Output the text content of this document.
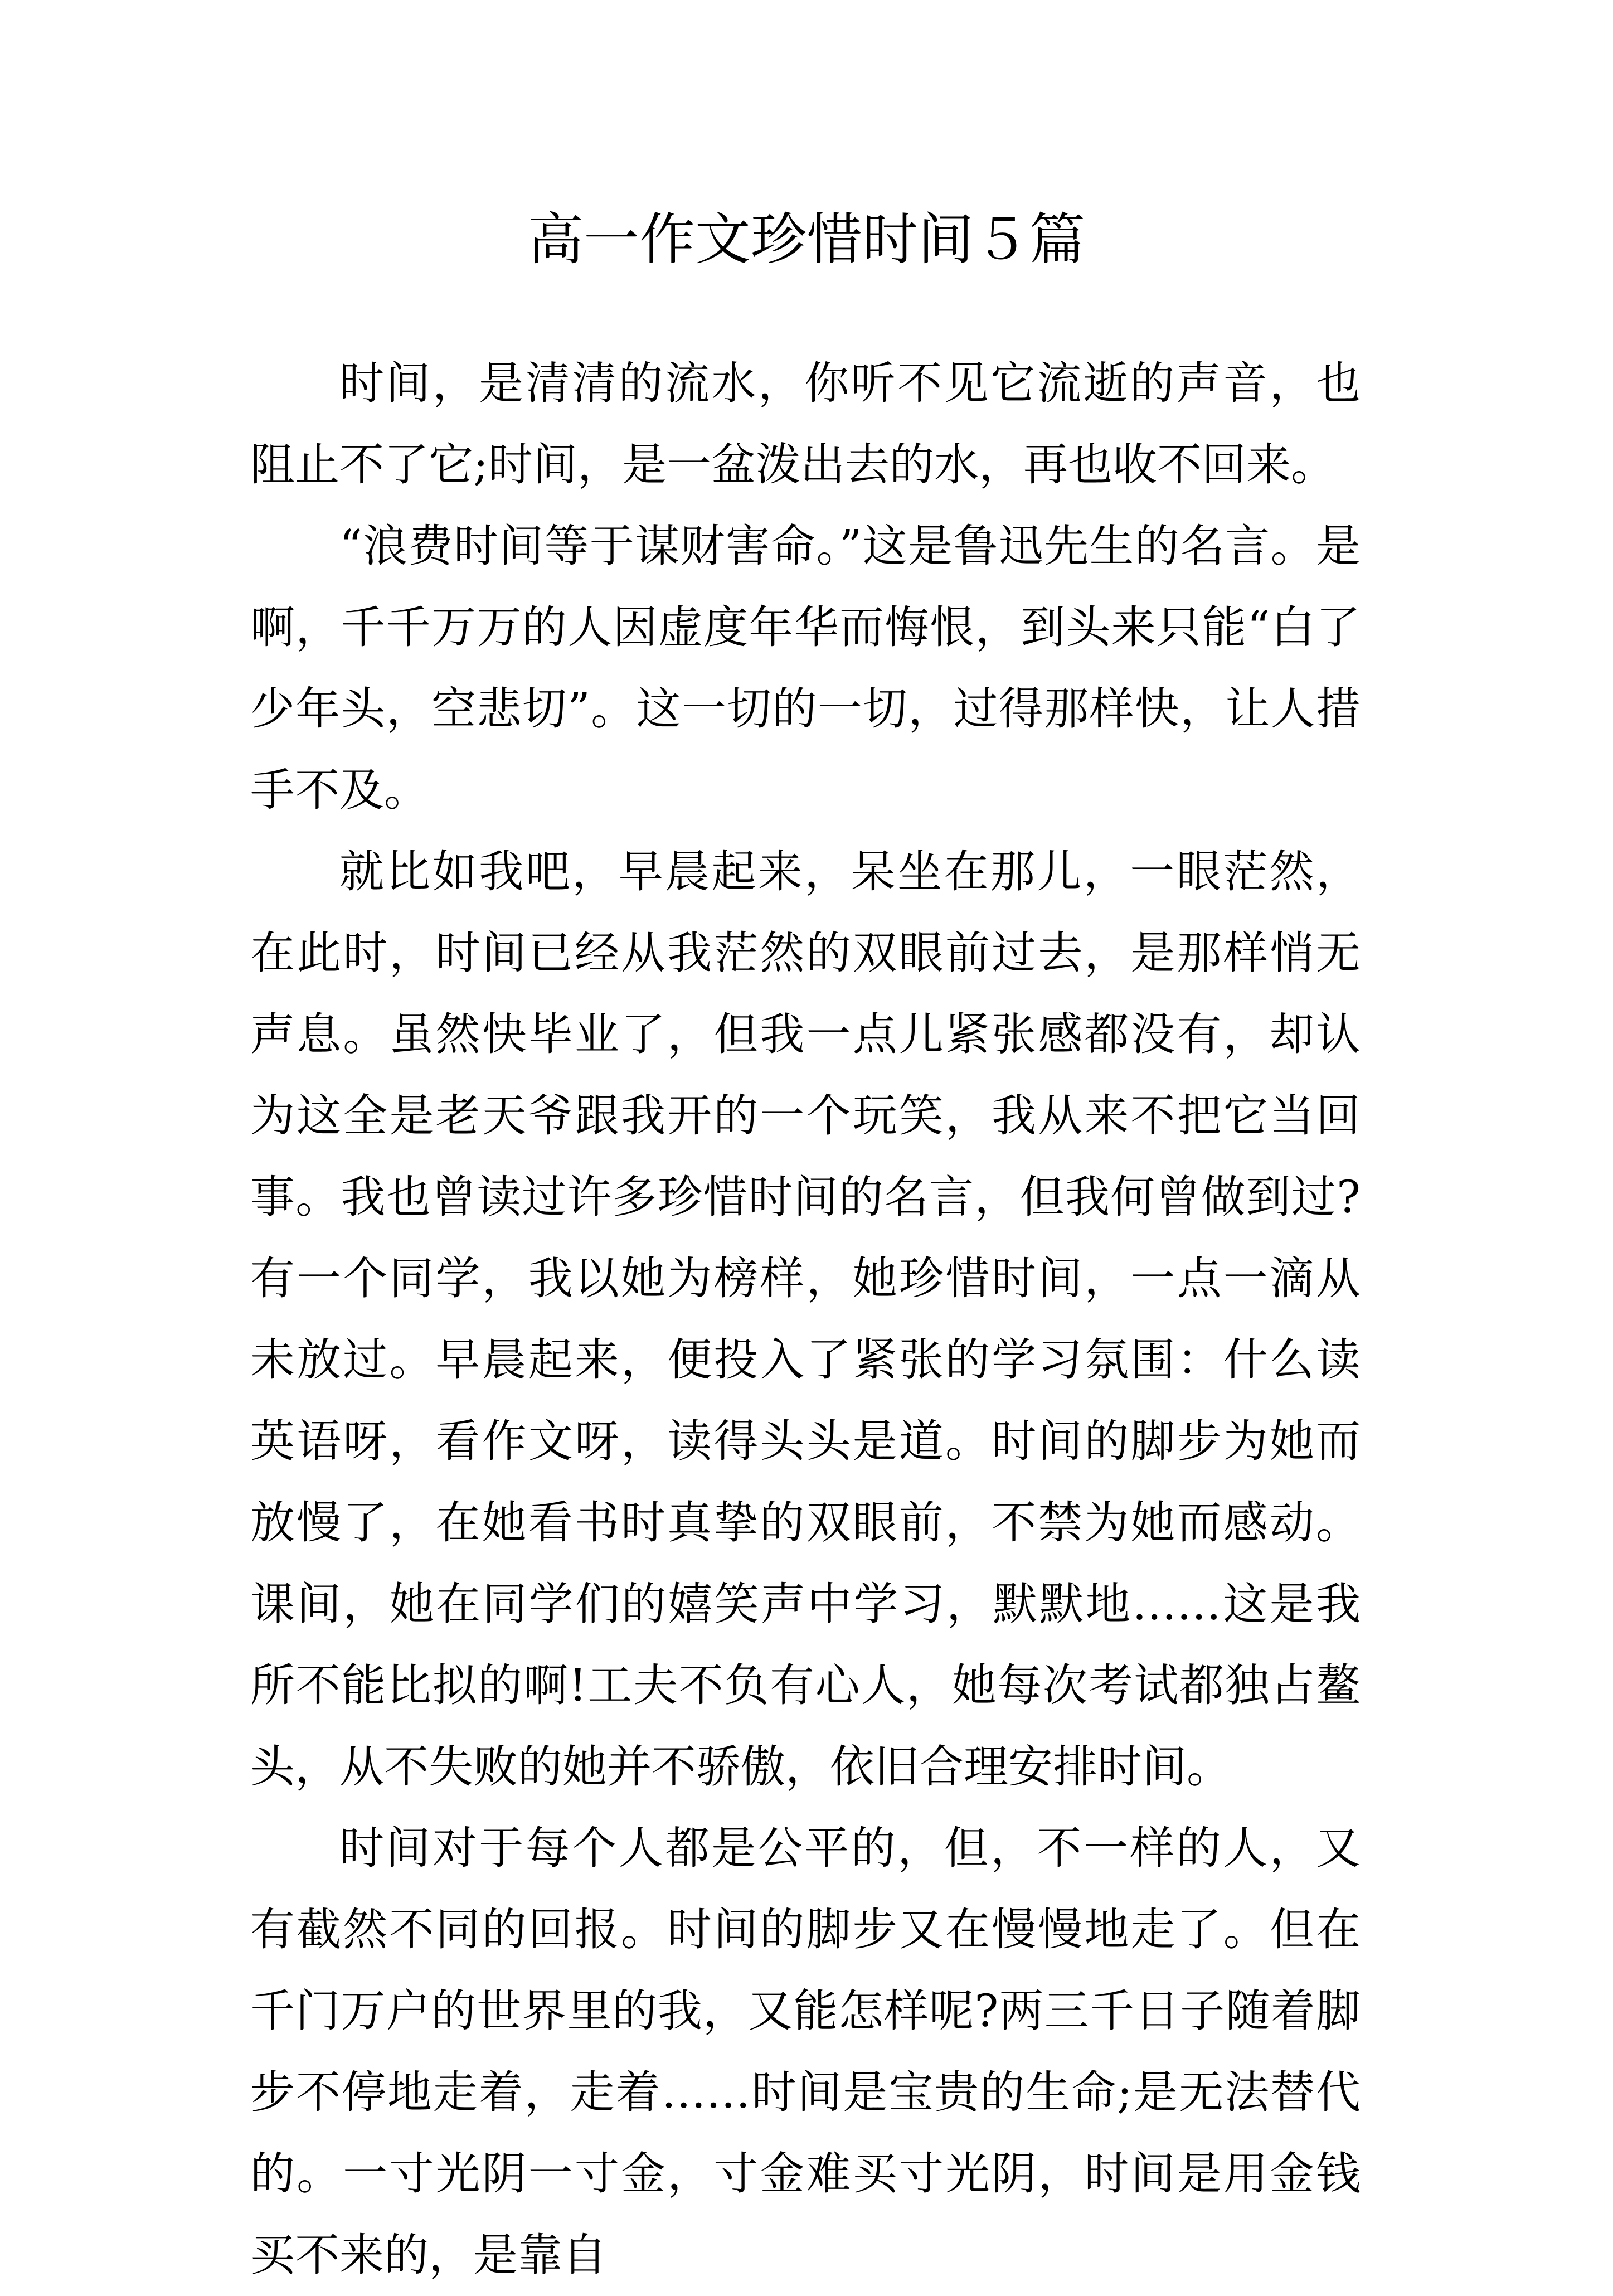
高一作文珍惜时间５篇

时间，是清清的流水，你听不见它流逝的声音，也阻止不了它;时间，是一盆泼出去的水，再也收不回来。

“浪费时间等于谋财害命。”这是鲁迅先生的名言。是啊，千千万万的人因虚度年华而悔恨，到头来只能“白了少年头，空悲切”。这一切的一切，过得那样快，让人措手不及。

就比如我吧，早晨起来，呆坐在那儿，一眼茫然，在此时，时间已经从我茫然的双眼前过去，是那样悄无声息。虽然快毕业了，但我一点儿紧张感都没有，却认为这全是老天爷跟我开的一个玩笑，我从来不把它当回事。我也曾读过许多珍惜时间的名言，但我何曾做到过?有一个同学，我以她为榜样，她珍惜时间，一点一滴从未放过。早晨起来，便投入了紧张的学习氛围：什么读英语呀，看作文呀，读得头头是道。时间的脚步为她而放慢了，在她看书时真挚的双眼前，不禁为她而感动。课间，她在同学们的嬉笑声中学习，默默地……这是我所不能比拟的啊!工夫不负有心人，她每次考试都独占鳌头，从不失败的她并不骄傲，依旧合理安排时间。

时间对于每个人都是公平的，但，不一样的人，又有截然不同的回报。时间的脚步又在慢慢地走了。但在千门万户的世界里的我，又能怎样呢?两三千日子随着脚步不停地走着，走着……时间是宝贵的生命;是无法替代的。一寸光阴一寸金，寸金难买寸光阴，时间是用金钱买不来的，是靠自
